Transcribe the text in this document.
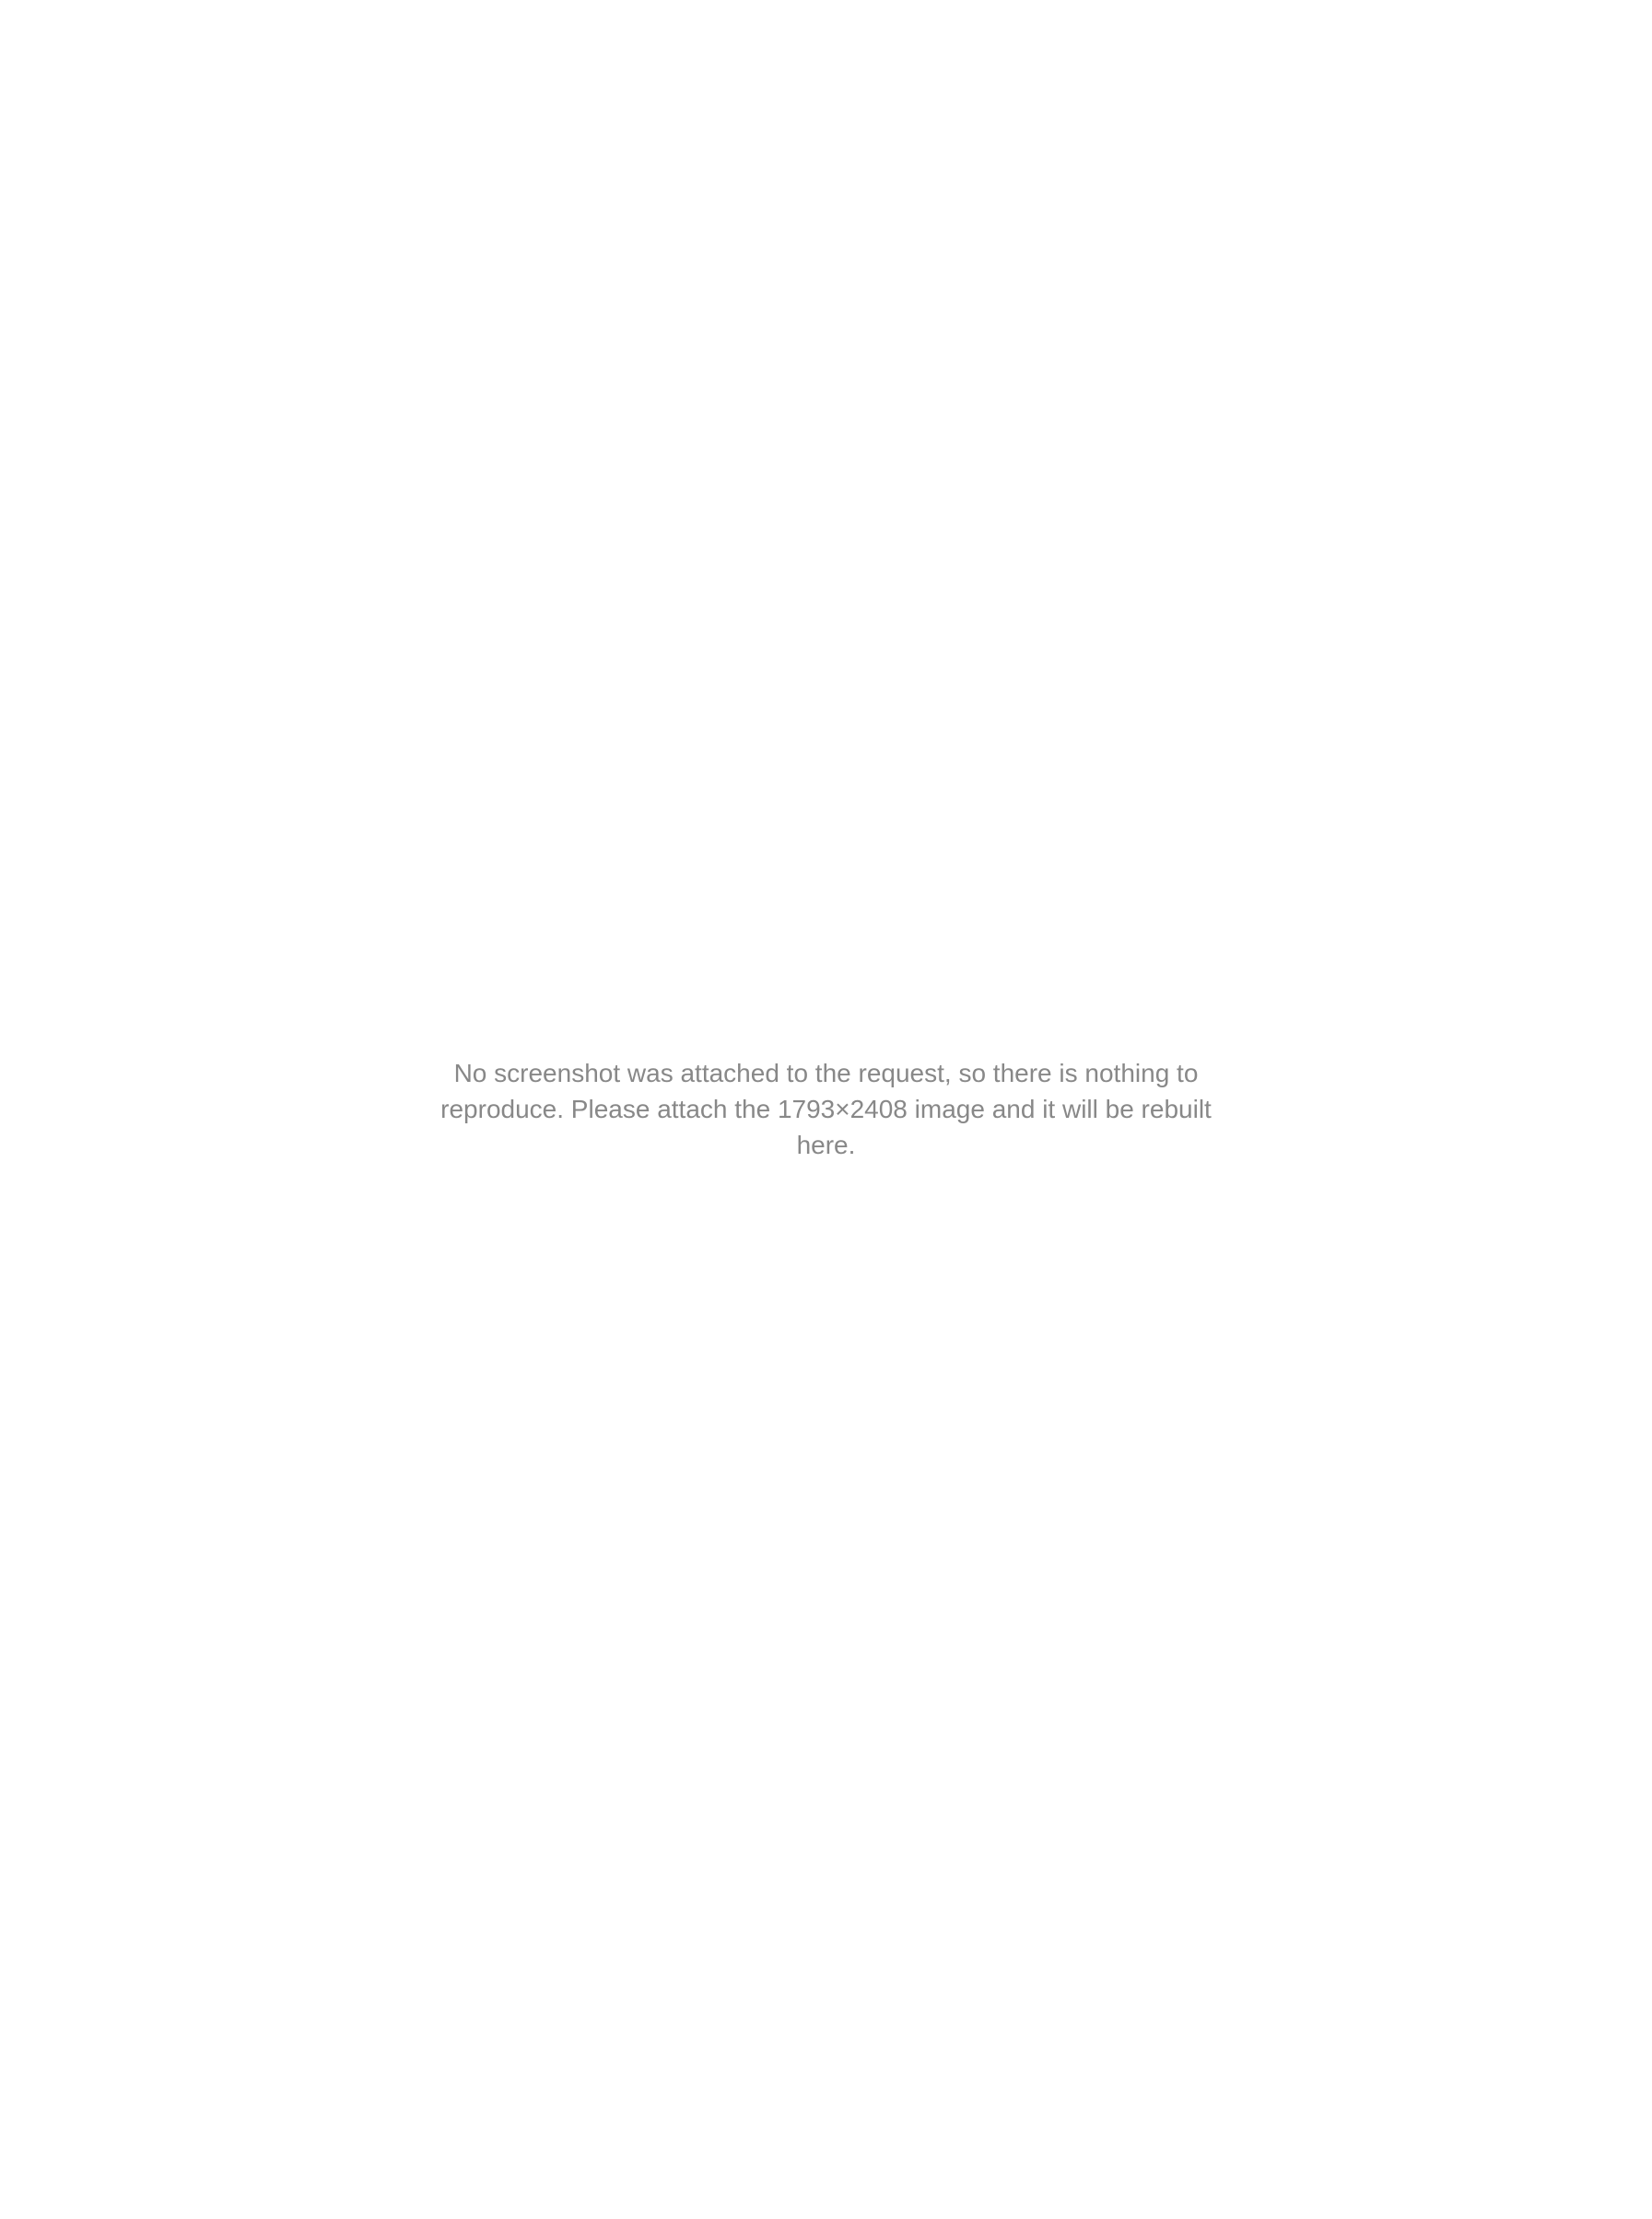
No screenshot was attached to the request, so there is nothing to reproduce. Please attach the 1793×2408 image and it will be rebuilt here.
